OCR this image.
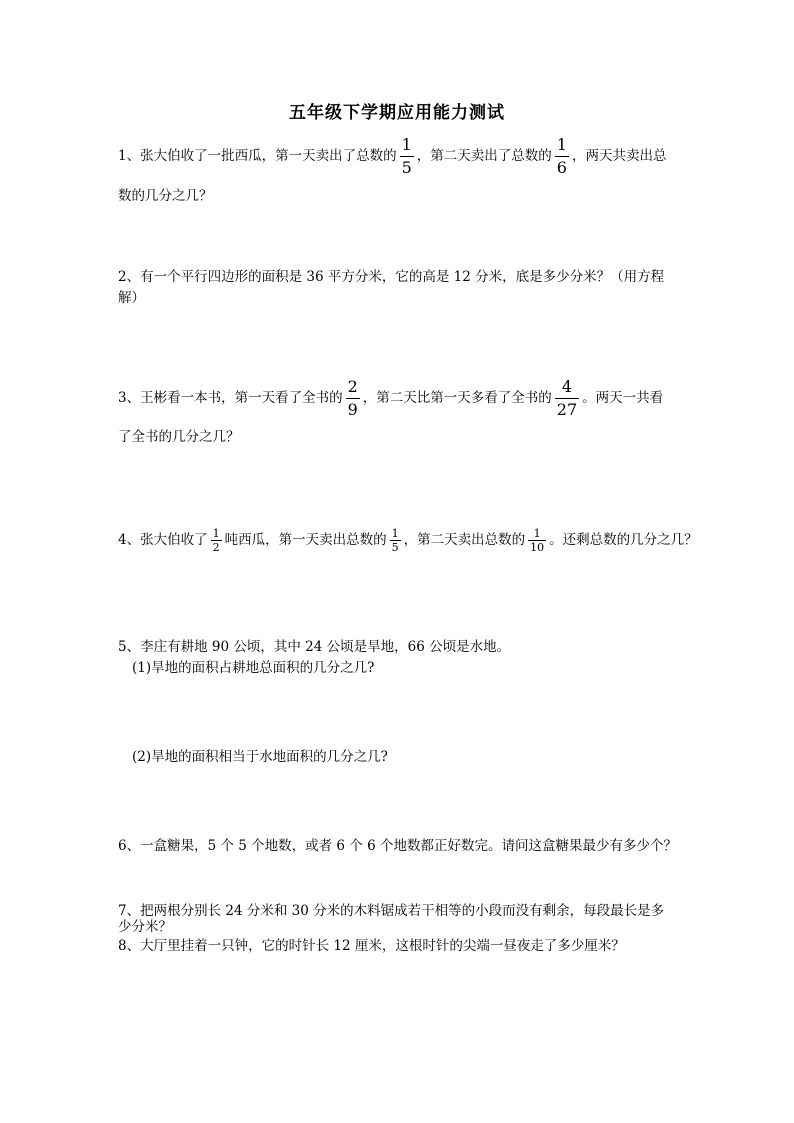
五年级下学期应用能力测试
1、张大伯收了一批西瓜，第一天卖出了总数的 $\frac{1}{5}$ ，第二天卖出了总数的 $\frac{1}{6}$ ，两天共卖出总
数的几分之几？
2、有一个平行四边形的面积是 36 平方分米，它的高是 12 分米，底是多少分米？（用方程
解）
3、王彬看一本书，第一天看了全书的 $\frac{2}{9}$ ，第二天比第一天多看了全书的 $\frac{4}{27}$ 。两天一共看
了全书的几分之几？
4、张大伯收了 $\frac{1}{2}$ 吨西瓜，第一天卖出总数的 $\frac{1}{5}$ ，第二天卖出总数的 $\frac{1}{10}$ 。还剩总数的几分之几？
5、李庄有耕地 90 公顷，其中 24 公顷是旱地，66 公顷是水地。
(1)旱地的面积占耕地总面积的几分之几?
(2)旱地的面积相当于水地面积的几分之几?
6、一盒糖果，5 个 5 个地数，或者 6 个 6 个地数都正好数完。请问这盒糖果最少有多少个？
7、把两根分别长 24 分米和 30 分米的木料锯成若干相等的小段而没有剩余，每段最长是多
少分米？
8、大厅里挂着一只钟，它的时针长 12 厘米，这根时针的尖端一昼夜走了多少厘米？
